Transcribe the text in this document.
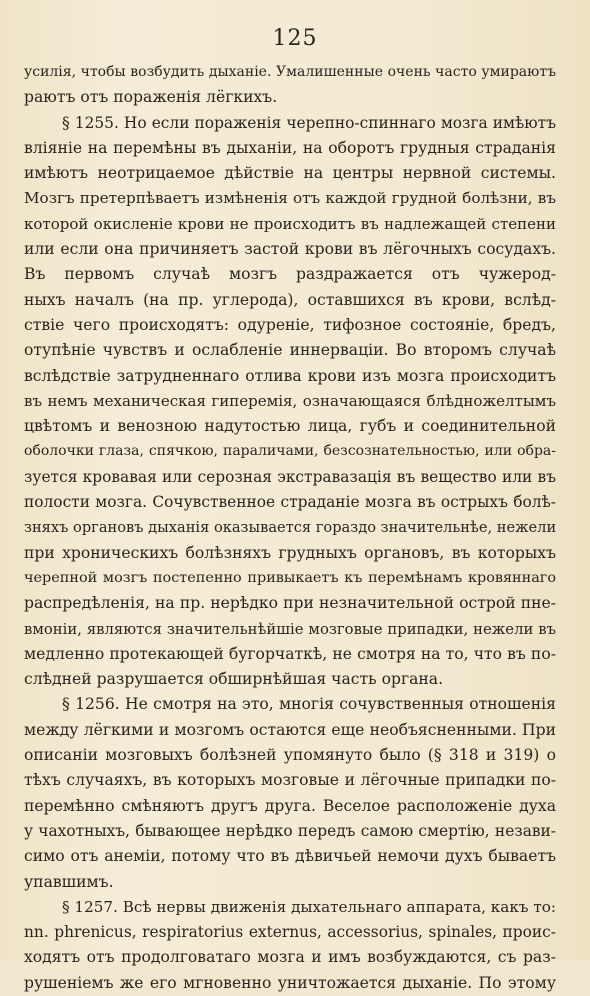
125
усилія, чтобы возбудить дыханіе. Умалишенные очень часто умираютъ
раютъ отъ пораженія лёгкихъ.
§ 1255. Но если пораженія черепно-спиннаго мозга имѣютъ
вліяніе на перемѣны въ дыханіи, на оборотъ грудныя страданія
имѣютъ неотрицаемое дѣйствіе на центры нервной системы.
Мозгъ претерпѣваетъ измѣненія отъ каждой грудной болѣзни, въ
которой окисленіе крови не происходитъ въ надлежащей степени
или если она причиняетъ застой крови въ лёгочныхъ сосудахъ.
Въ первомъ случаѣ мозгъ раздражается отъ чужерод-
ныхъ началъ (на пр. углерода), оставшихся въ крови, вслѣд-
ствіе чего происходятъ: одуреніе, тифозное состояніе, бредъ,
отупѣніе чувствъ и ослабленіе иннерваціи. Во второмъ случаѣ
вслѣдствіе затрудненнаго отлива крови изъ мозга происходитъ
въ немъ механическая гиперемія, означающаяся блѣдножелтымъ
цвѣтомъ и венозною надутостью лица, губъ и соединительной
оболочки глаза, спячкою, параличами, безсознательностью, или обра-
зуется кровавая или серозная экстравазація въ вещество или въ
полости мозга. Сочувственное страданіе мозга въ острыхъ болѣ-
зняхъ органовъ дыханія оказывается гораздо значительнѣе, нежели
при хроническихъ болѣзняхъ грудныхъ органовъ, въ которыхъ
черепной мозгъ постепенно привыкаетъ къ перемѣнамъ кровяннаго
распредѣленія, на пр. нерѣдко при незначительной острой пне-
вмоніи, являются значительнѣйшіе мозговые припадки, нежели въ
медленно протекающей бугорчаткѣ, не смотря на то, что въ по-
слѣдней разрушается обширнѣйшая часть органа.
§ 1256. Не смотря на это, многія сочувственныя отношенія
между лёгкими и мозгомъ остаются еще необъясненными. При
описаніи мозговыхъ болѣзней упомянуто было (§ 318 и 319) о
тѣхъ случаяхъ, въ которыхъ мозговые и лёгочные припадки по-
перемѣнно смѣняютъ другъ друга. Веселое расположеніе духа
у чахотныхъ, бывающее нерѣдко передъ самою смертію, незави-
симо отъ анеміи, потому что въ дѣвичьей немочи духъ бываетъ
упавшимъ.
§ 1257. Всѣ нервы движенія дыхательнаго аппарата, какъ то:
nn. phrenicus, respiratorius externus, accessorius, spinales, проис-
ходятъ отъ продолговатаго мозга и имъ возбуждаются, съ раз-
рушеніемъ же его мгновенно уничтожается дыханіе. По этому
